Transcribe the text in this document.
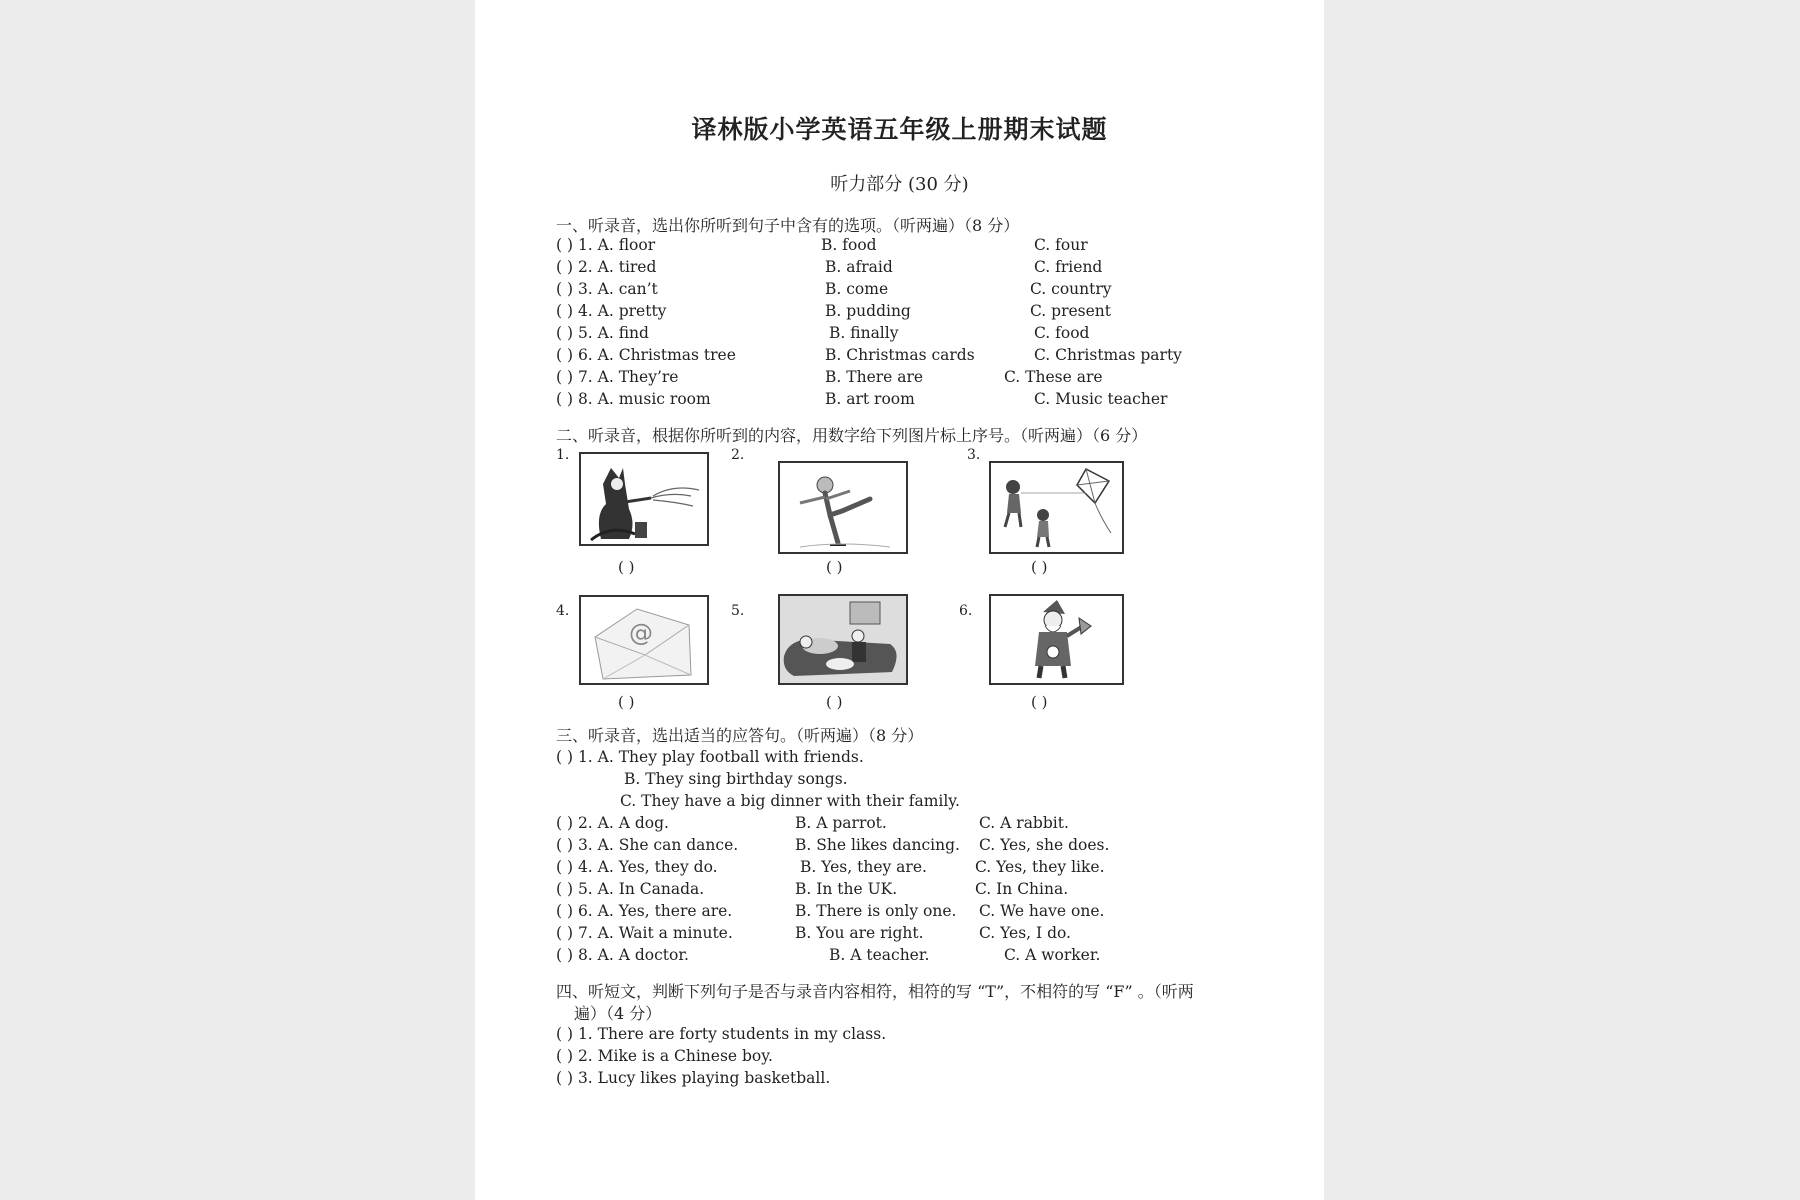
译林版小学英语五年级上册期末试题
听力部分 (30 分)
一、听录音，选出你所听到句子中含有的选项。（听两遍）（8 分）
( ) 1. A. floor	B. food	C. four
( ) 2. A. tired	B. afraid	C. friend
( ) 3. A. can’t	B. come	C. country
( ) 4. A. pretty	B. pudding	C. present
( ) 5. A. find	B. finally	C. food
( ) 6. A. Christmas tree	B. Christmas cards	C. Christmas party
( ) 7. A. They’re	B. There are	C. These are
( ) 8. A. music room	B. art room	C. Music teacher
二、听录音，根据你所听到的内容，用数字给下列图片标上序号。（听两遍）（6 分）
1.
( )
2.
( )
3.
( )
4.
@
( )
5.
( )
6.
( )
三、听录音，选出适当的应答句。（听两遍）（8 分）
( ) 1. A. They play football with friends.
B. They sing birthday songs.
C. They have a big dinner with their family.
( ) 2. A. A dog.	B. A parrot.	C. A rabbit.
( ) 3. A. She can dance.	B. She likes dancing. C. Yes, she does.
( ) 4. A. Yes, they do.	B. Yes, they are.	C. Yes, they like.
( ) 5. A. In Canada.	B. In the UK.	C. In China.
( ) 6. A. Yes, there are.	B. There is only one. C. We have one.
( ) 7. A. Wait a minute.	B. You are right.	C. Yes, I do.
( ) 8. A. A doctor.	B. A teacher.	C. A worker.
四、听短文，判断下列句子是否与录音内容相符，相符的写 “T”，不相符的写 “F” 。（听两
遍）（4 分）
( ) 1. There are forty students in my class.
( ) 2. Mike is a Chinese boy.
( ) 3. Lucy likes playing basketball.
